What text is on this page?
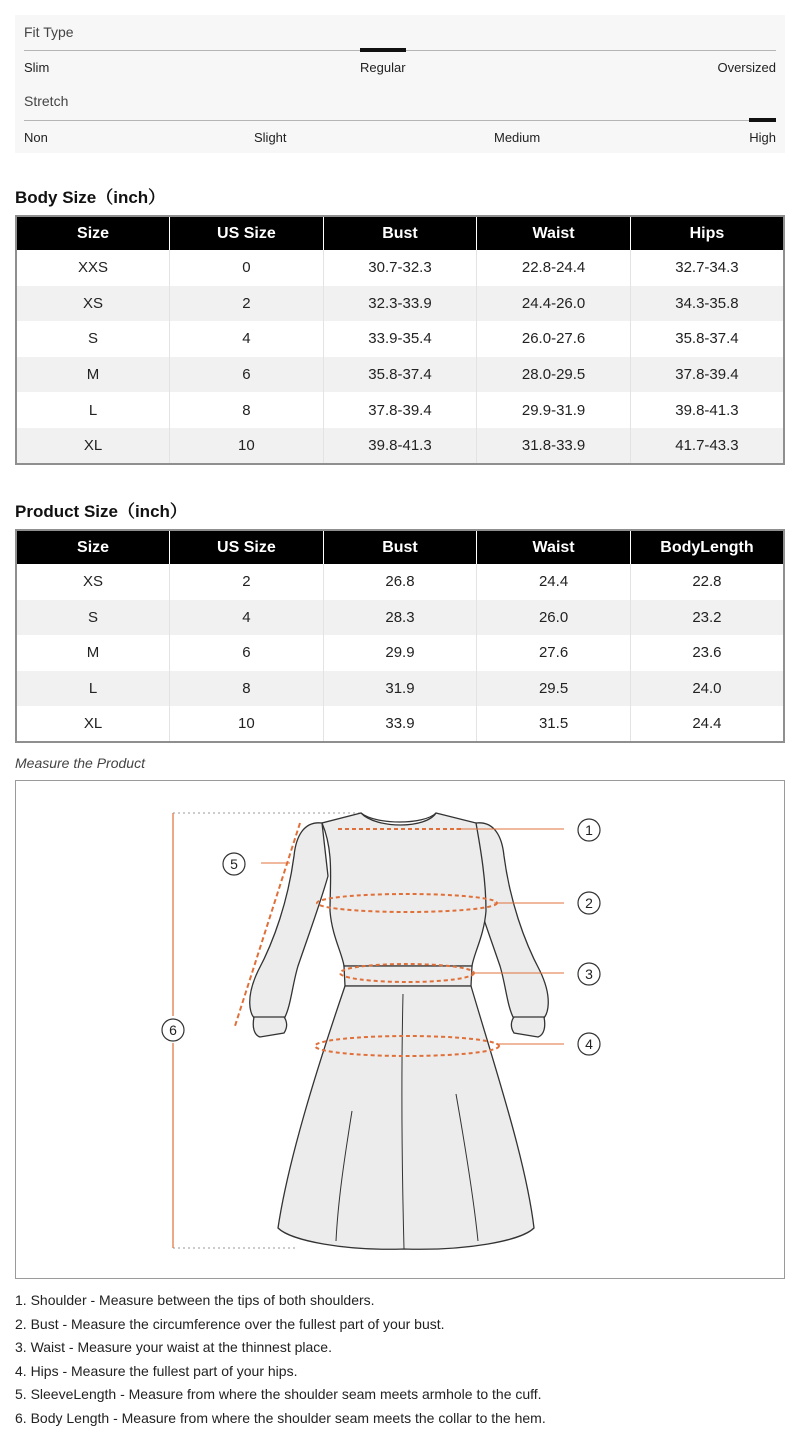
Fit Type
Slim	Regular	Oversized
Stretch
Non	Slight	Medium	High
Body Size（inch）
Size	US Size	Bust	Waist	Hips
XXS	0	30.7-32.3	22.8-24.4	32.7-34.3
XS	2	32.3-33.9	24.4-26.0	34.3-35.8
S	4	33.9-35.4	26.0-27.6	35.8-37.4
M	6	35.8-37.4	28.0-29.5	37.8-39.4
L	8	37.8-39.4	29.9-31.9	39.8-41.3
XL	10	39.8-41.3	31.8-33.9	41.7-43.3
Product Size（inch）
Size	US Size	Bust	Waist	BodyLength
XS	2	26.8	24.4	22.8
S	4	28.3	26.0	23.2
M	6	29.9	27.6	23.6
L	8	31.9	29.5	24.0
XL	10	33.9	31.5	24.4
Measure the Product
1
2
3
4
5
6
1. Shoulder - Measure between the tips of both shoulders.
2. Bust - Measure the circumference over the fullest part of your bust.
3. Waist - Measure your waist at the thinnest place.
4. Hips - Measure the fullest part of your hips.
5. SleeveLength - Measure from where the shoulder seam meets armhole to the cuff.
6. Body Length - Measure from where the shoulder seam meets the collar to the hem.
